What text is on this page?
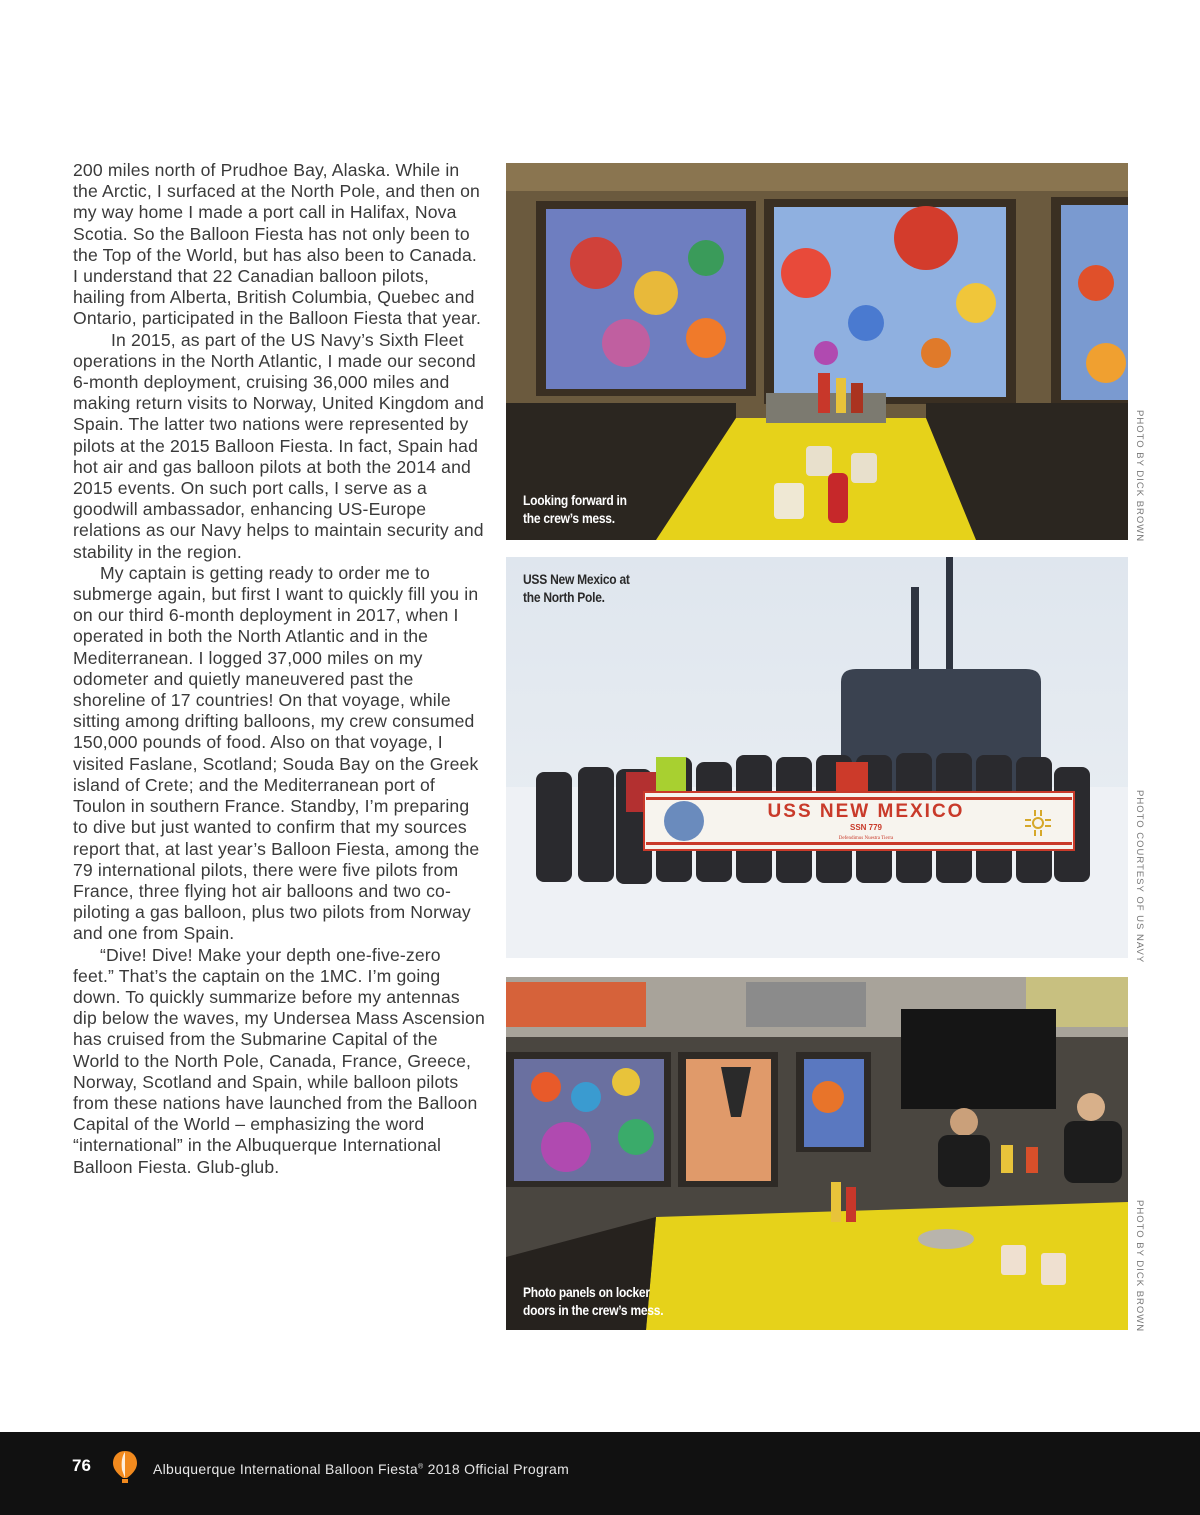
200 miles north of Prudhoe Bay, Alaska. While in the Arctic, I surfaced at the North Pole, and then on my way home I made a port call in Halifax, Nova Scotia. So the Balloon Fiesta has not only been to the Top of the World, but has also been to Canada. I understand that 22 Canadian balloon pilots, hailing from Alberta, British Columbia, Quebec and Ontario, participated in the Balloon Fiesta that year.

In 2015, as part of the US Navy’s Sixth Fleet operations in the North Atlantic, I made our second 6-month deployment, cruising 36,000 miles and making return visits to Norway, United Kingdom and Spain. The latter two nations were represented by pilots at the 2015 Balloon Fiesta. In fact, Spain had hot air and gas balloon pilots at both the 2014 and 2015 events. On such port calls, I serve as a goodwill ambassador, enhancing US-Europe relations as our Navy helps to maintain security and stability in the region.

My captain is getting ready to order me to submerge again, but first I want to quickly fill you in on our third 6-month deployment in 2017, when I operated in both the North Atlantic and in the Mediterranean. I logged 37,000 miles on my odometer and quietly maneuvered past the shoreline of 17 countries! On that voyage, while sitting among drifting balloons, my crew consumed 150,000 pounds of food. Also on that voyage, I visited Faslane, Scotland; Souda Bay on the Greek island of Crete; and the Mediterranean port of Toulon in southern France. Standby, I’m preparing to dive but just wanted to confirm that my sources report that, at last year’s Balloon Fiesta, among the 79 international pilots, there were five pilots from France, three flying hot air balloons and two co-piloting a gas balloon, plus two pilots from Norway and one from Spain.

“Dive! Dive! Make your depth one-five-zero feet.” That’s the captain on the 1MC. I’m going down. To quickly summarize before my antennas dip below the waves, my Undersea Mass Ascension has cruised from the Submarine Capital of the World to the North Pole, Canada, France, Greece, Norway, Scotland and Spain, while balloon pilots from these nations have launched from the Balloon Capital of the World – emphasizing the word “international” in the Albuquerque International Balloon Fiesta. Glub-glub.

Looking forward in
the crew’s mess.	PHOTO BY DICK BROWN
USS NEW MEXICO
SSN 779
Defendimus Nuestra Tierra
USS New Mexico at
the North Pole.
PHOTO COURTESY OF US NAVY
Photo panels on locker
doors in the crew’s mess.	PHOTO BY DICK BROWN
76	Albuquerque International Balloon Fiesta® 2018 Official Program
